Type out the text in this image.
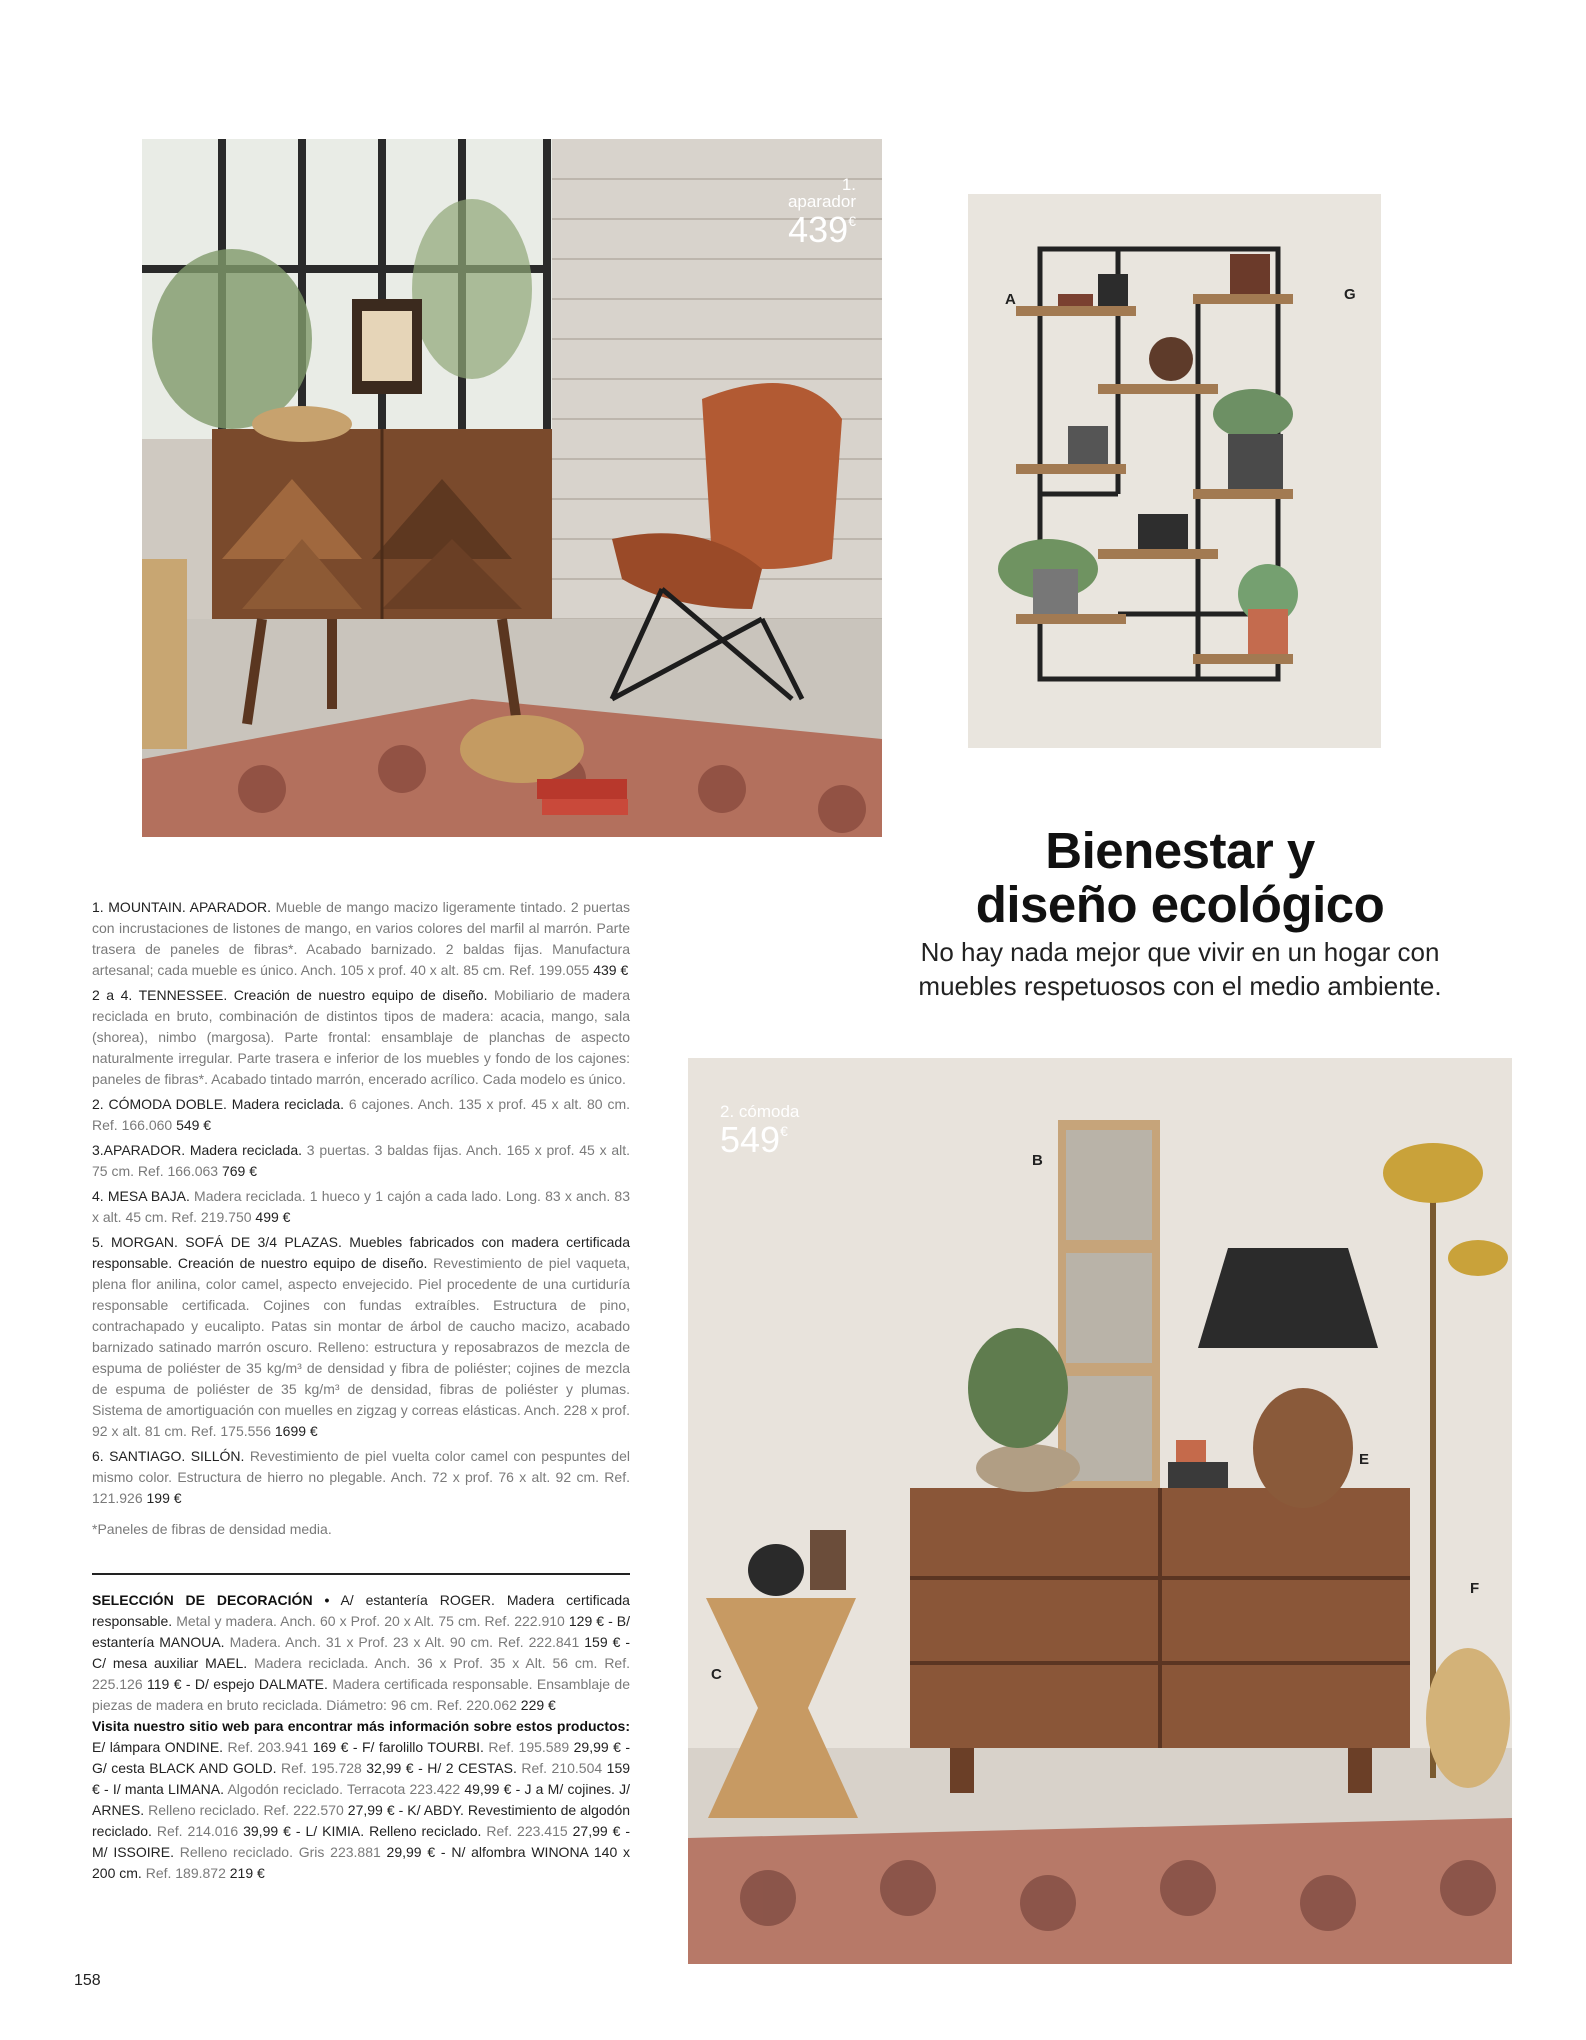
1. aparador
439€
A	G
Bienestar y
diseño ecológico
No hay nada mejor que vivir en un hogar con
muebles respetuosos con el medio ambiente.

1. MOUNTAIN. APARADOR. Mueble de mango macizo ligeramente tintado. 2 puertas con incrustaciones de listones de mango, en varios colores del marfil al marrón. Parte trasera de paneles de fibras*. Acabado barnizado. 2 baldas fijas. Manufactura artesanal; cada mueble es único. Anch. 105 x prof. 40 x alt. 85 cm. Ref. 199.055 439 €

2 a 4. TENNESSEE. Creación de nuestro equipo de diseño. Mobiliario de madera reciclada en bruto, combinación de distintos tipos de madera: acacia, mango, sala (shorea), nimbo (margosa). Parte frontal: ensamblaje de planchas de aspecto naturalmente irregular. Parte trasera e inferior de los muebles y fondo de los cajones: paneles de fibras*. Acabado tintado marrón, encerado acrílico. Cada modelo es único.

2. CÓMODA DOBLE. Madera reciclada. 6 cajones. Anch. 135 x prof. 45 x alt. 80 cm. Ref. 166.060 549 €

3.APARADOR. Madera reciclada. 3 puertas. 3 baldas fijas. Anch. 165 x prof. 45 x alt. 75 cm. Ref. 166.063 769 €

4. MESA BAJA. Madera reciclada. 1 hueco y 1 cajón a cada lado. Long. 83 x anch. 83 x alt. 45 cm. Ref. 219.750 499 €

5. MORGAN. SOFÁ DE 3/4 PLAZAS. Muebles fabricados con madera certificada responsable. Creación de nuestro equipo de diseño. Revestimiento de piel vaqueta, plena flor anilina, color camel, aspecto envejecido. Piel procedente de una curtiduría responsable certificada. Cojines con fundas extraíbles. Estructura de pino, contrachapado y eucalipto. Patas sin montar de árbol de caucho macizo, acabado barnizado satinado marrón oscuro. Relleno: estructura y reposabrazos de mezcla de espuma de poliéster de 35 kg/m³ de densidad y fibra de poliéster; cojines de mezcla de espuma de poliéster de 35 kg/m³ de densidad, fibras de poliéster y plumas. Sistema de amortiguación con muelles en zigzag y correas elásticas. Anch. 228 x prof. 92 x alt. 81 cm. Ref. 175.556 1699 €

6. SANTIAGO. SILLÓN. Revestimiento de piel vuelta color camel con pespuntes del mismo color. Estructura de hierro no plegable. Anch. 72 x prof. 76 x alt. 92 cm. Ref. 121.926 199 €

*Paneles de fibras de densidad media.

SELECCIÓN DE DECORACIÓN • A/ estantería ROGER. Madera certificada responsable. Metal y madera. Anch. 60 x Prof. 20 x Alt. 75 cm. Ref. 222.910 129 € - B/ estantería MANOUA. Madera. Anch. 31 x Prof. 23 x Alt. 90 cm. Ref. 222.841 159 € - C/ mesa auxiliar MAEL. Madera reciclada. Anch. 36 x Prof. 35 x Alt. 56 cm. Ref. 225.126 119 € - D/ espejo DALMATE. Madera certificada responsable. Ensamblaje de piezas de madera en bruto reciclada. Diámetro: 96 cm. Ref. 220.062 229 €
Visita nuestro sitio web para encontrar más información sobre estos productos: E/ lámpara ONDINE. Ref. 203.941 169 € - F/ farolillo TOURBI. Ref. 195.589 29,99 € - G/ cesta BLACK AND GOLD. Ref. 195.728 32,99 € - H/ 2 CESTAS. Ref. 210.504 159 € - I/ manta LIMANA. Algodón reciclado. Terracota 223.422 49,99 € - J a M/ cojines. J/ ARNES. Relleno reciclado. Ref. 222.570 27,99 € - K/ ABDY. Revestimiento de algodón reciclado. Ref. 214.016 39,99 € - L/ KIMIA. Relleno reciclado. Ref. 223.415 27,99 € - M/ ISSOIRE. Relleno reciclado. Gris 223.881 29,99 € - N/ alfombra WINONA 140 x 200 cm. Ref. 189.872 219 €
2. cómoda
549€
B
C
E
F
158
